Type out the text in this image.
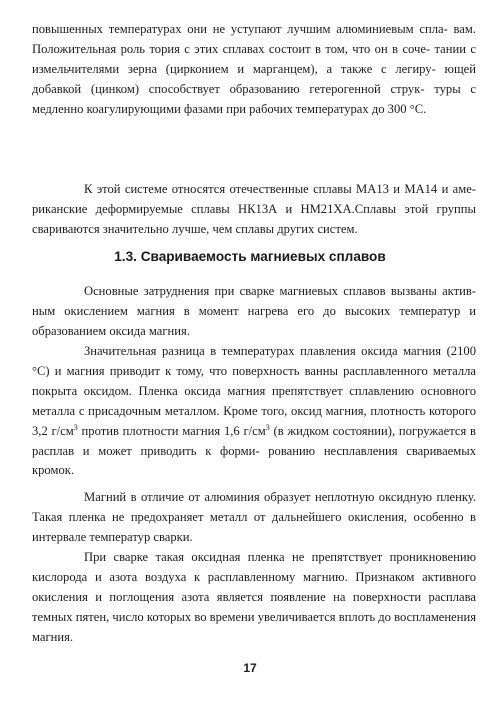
повышенных температурах они не уступают лучшим алюминиевым спла- вам. Положительная роль тория с этих сплавах состоит в том, что он в соче- тании с измельчителями зерна (цирконием и марганцем), а также с легиру- ющей добавкой (цинком) способствует образованию гетерогенной струк- туры с медленно коагулирующими фазами при рабочих температурах до 300 °С.

К этой системе относятся отечественные сплавы МА13 и МА14 и аме- риканские деформируемые сплавы НК13А и НМ21ХА.Сплавы этой группы свариваются значительно лучше, чем сплавы других систем.

1.3. Свариваемость магниевых сплавов

Основные затруднения при сварке магниевых сплавов вызваны актив- ным окислением магния в момент нагрева его до высоких температур и образованием оксида магния.

Значительная разница в температурах плавления оксида магния (2100 °С) и магния приводит к тому, что поверхность ванны расплавленного металла покрыта оксидом. Пленка оксида магния препятствует сплавлению основного металла с присадочным металлом. Кроме того, оксид магния, плотность которого 3,2 $г/см^3$ против плотности магния 1,6 $г/см^3$ (в жидком состоянии), погружается в расплав и может приводить к форми- рованию несплавления свариваемых кромок.

Магний в отличие от алюминия образует неплотную оксидную пленку. Такая пленка не предохраняет металл от дальнейшего окисления, особенно в интервале температур сварки.

При сварке такая оксидная пленка не препятствует проникновению кислорода и азота воздуха к расплавленному магнию. Признаком активного окисления и поглощения азота является появление на поверхности расплава темных пятен, число которых во времени увеличивается вплоть до воспламенения магния.

17
